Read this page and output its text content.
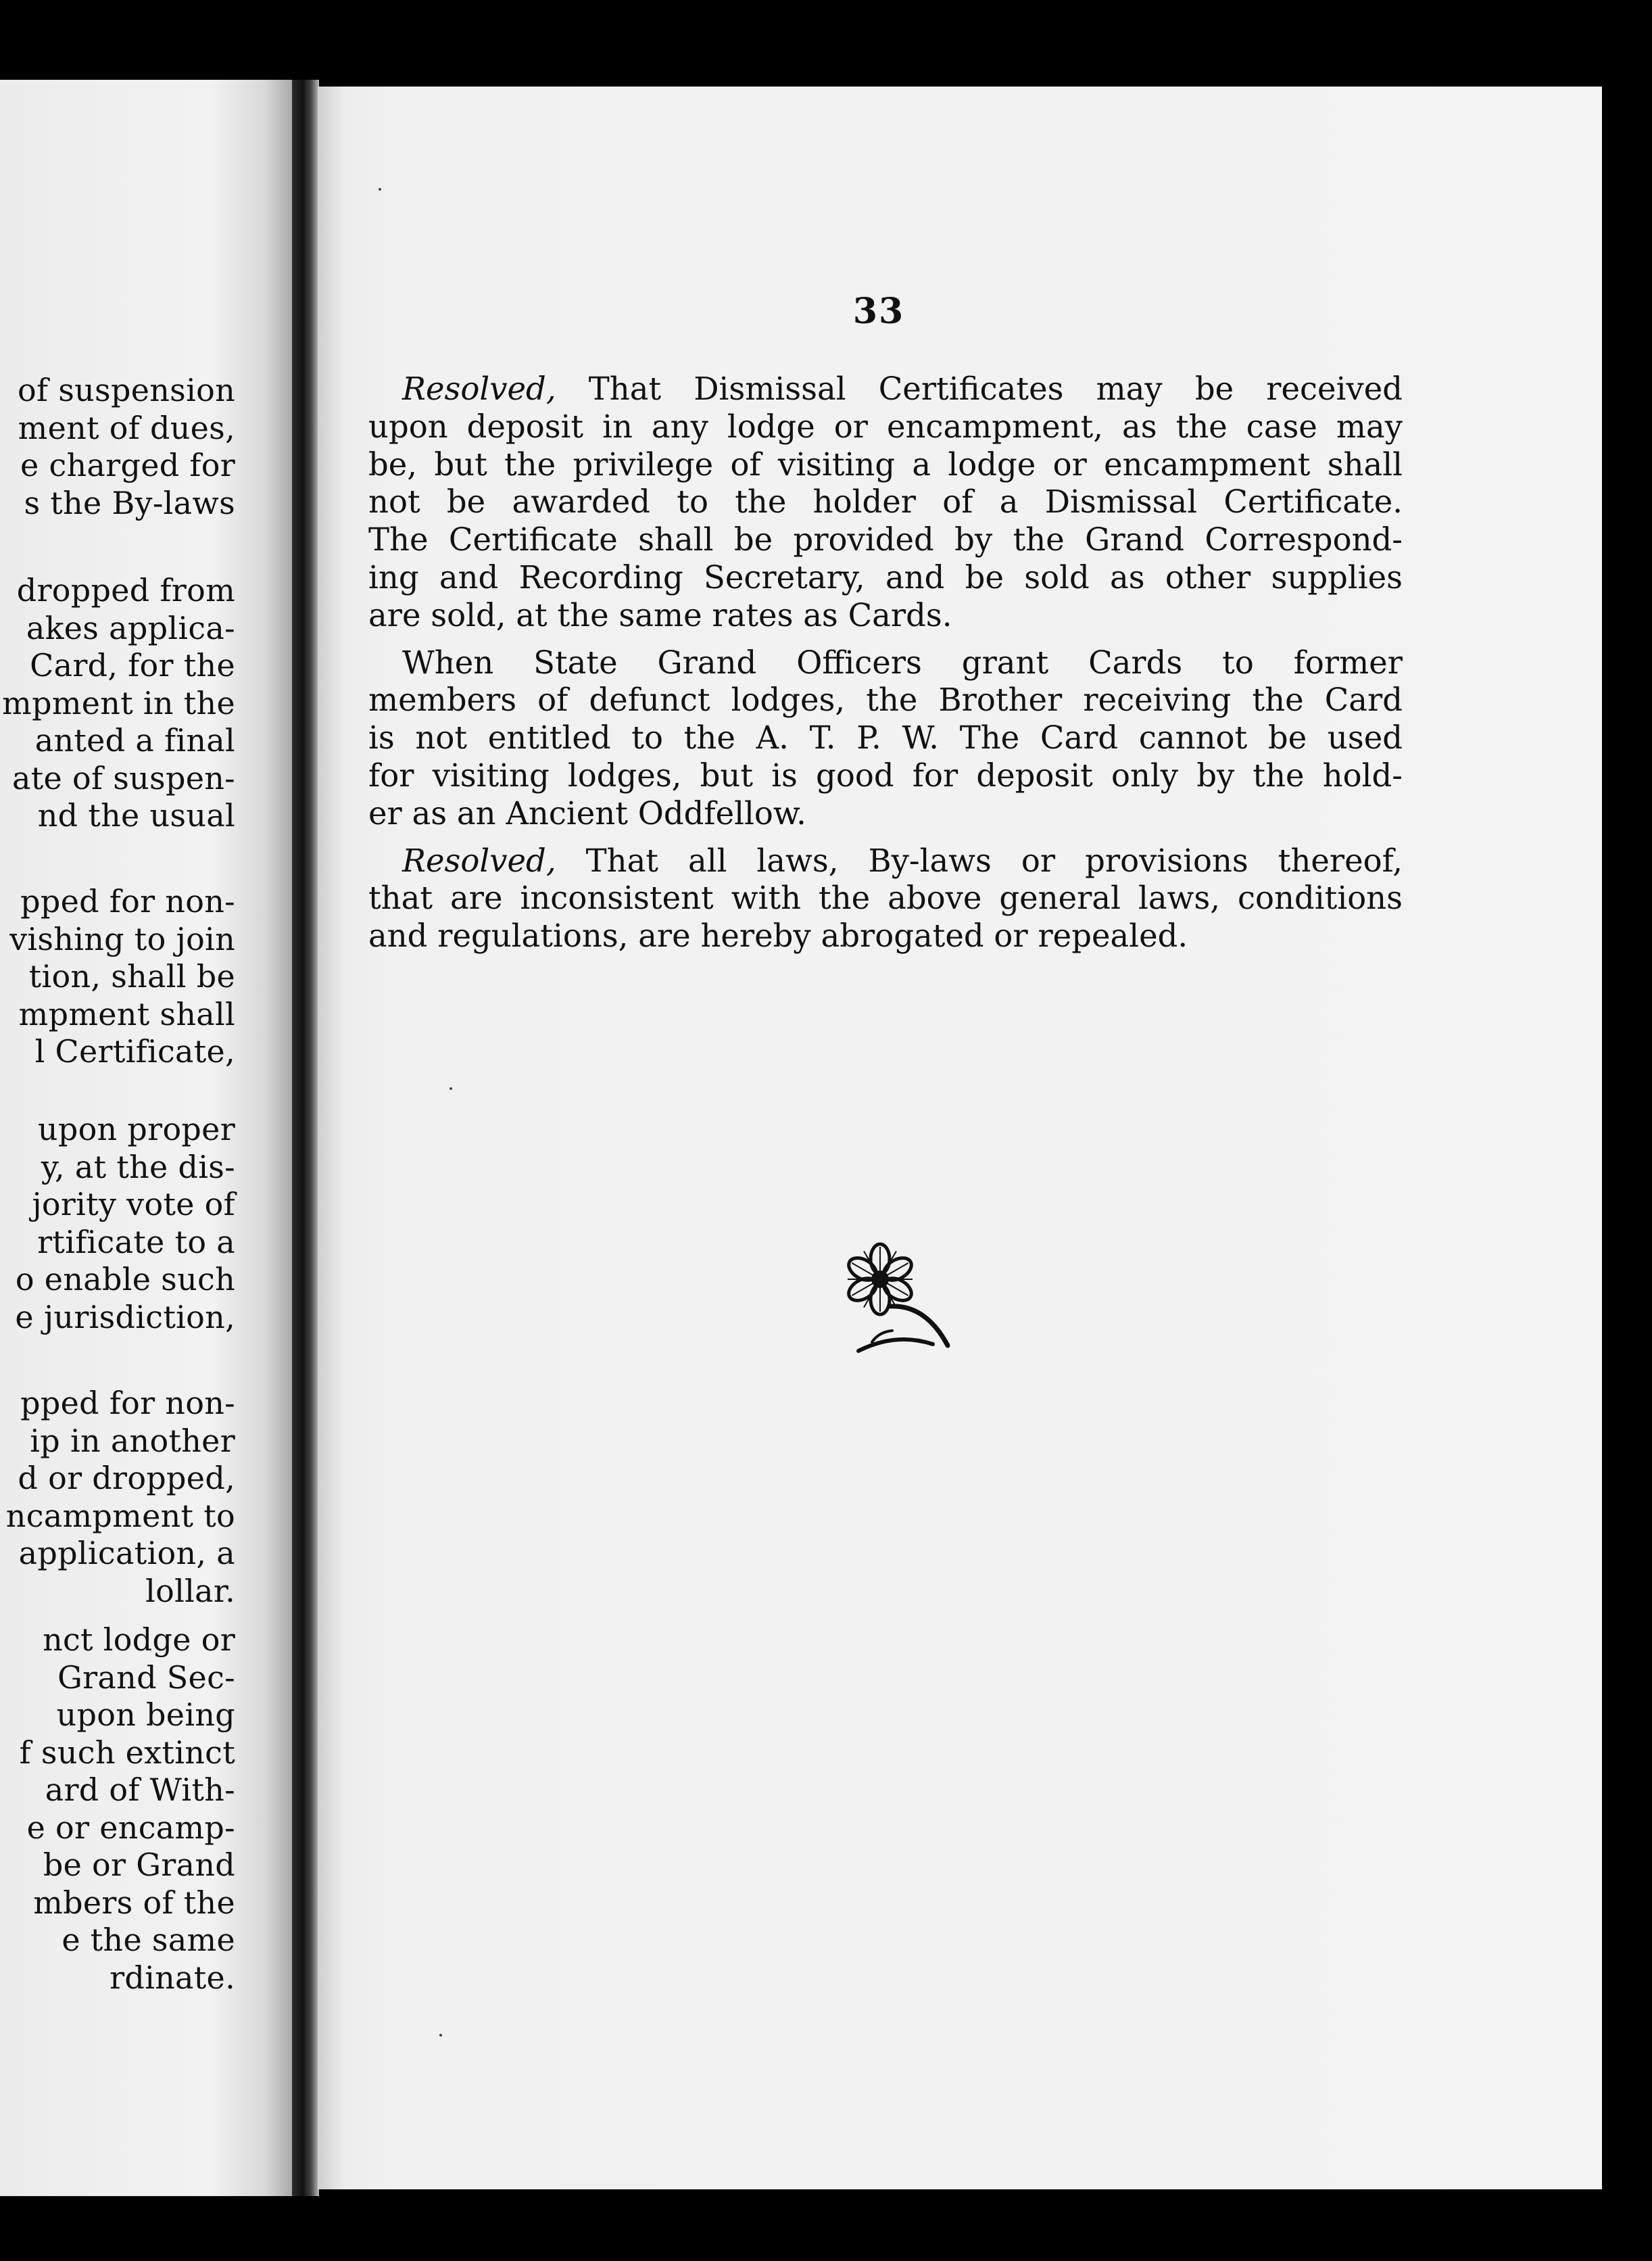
of suspension
ment of dues,
e charged for
s the By-laws
dropped from
akes applica-
Card, for the
mpment in the
anted a final
ate of suspen-
nd the usual
pped for non-
vishing to join
tion, shall be
mpment shall
l Certificate,
upon proper
y, at the dis-
jority vote of
rtificate to a
o enable such
e jurisdiction,
pped for non-
ip in another
d or dropped,
ncampment to
application, a
lollar.
nct lodge or
Grand Sec-
upon being
f such extinct
ard of With-
e or encamp-
be or Grand
mbers of the
e the same
rdinate.

33

Resolved, That Dismissal Certificates may be received
upon deposit in any lodge or encampment, as the case may
be, but the privilege of visiting a lodge or encampment shall
not be awarded to the holder of a Dismissal Certificate.
The Certificate shall be provided by the Grand Correspond-
ing and Recording Secretary, and be sold as other supplies
are sold, at the same rates as Cards.
When State Grand Officers grant Cards to former
members of defunct lodges, the Brother receiving the Card
is not entitled to the A. T. P. W. The Card cannot be used
for visiting lodges, but is good for deposit only by the hold-
er as an Ancient Oddfellow.
Resolved, That all laws, By-laws or provisions thereof,
that are inconsistent with the above general laws, conditions
and regulations, are hereby abrogated or repealed.
